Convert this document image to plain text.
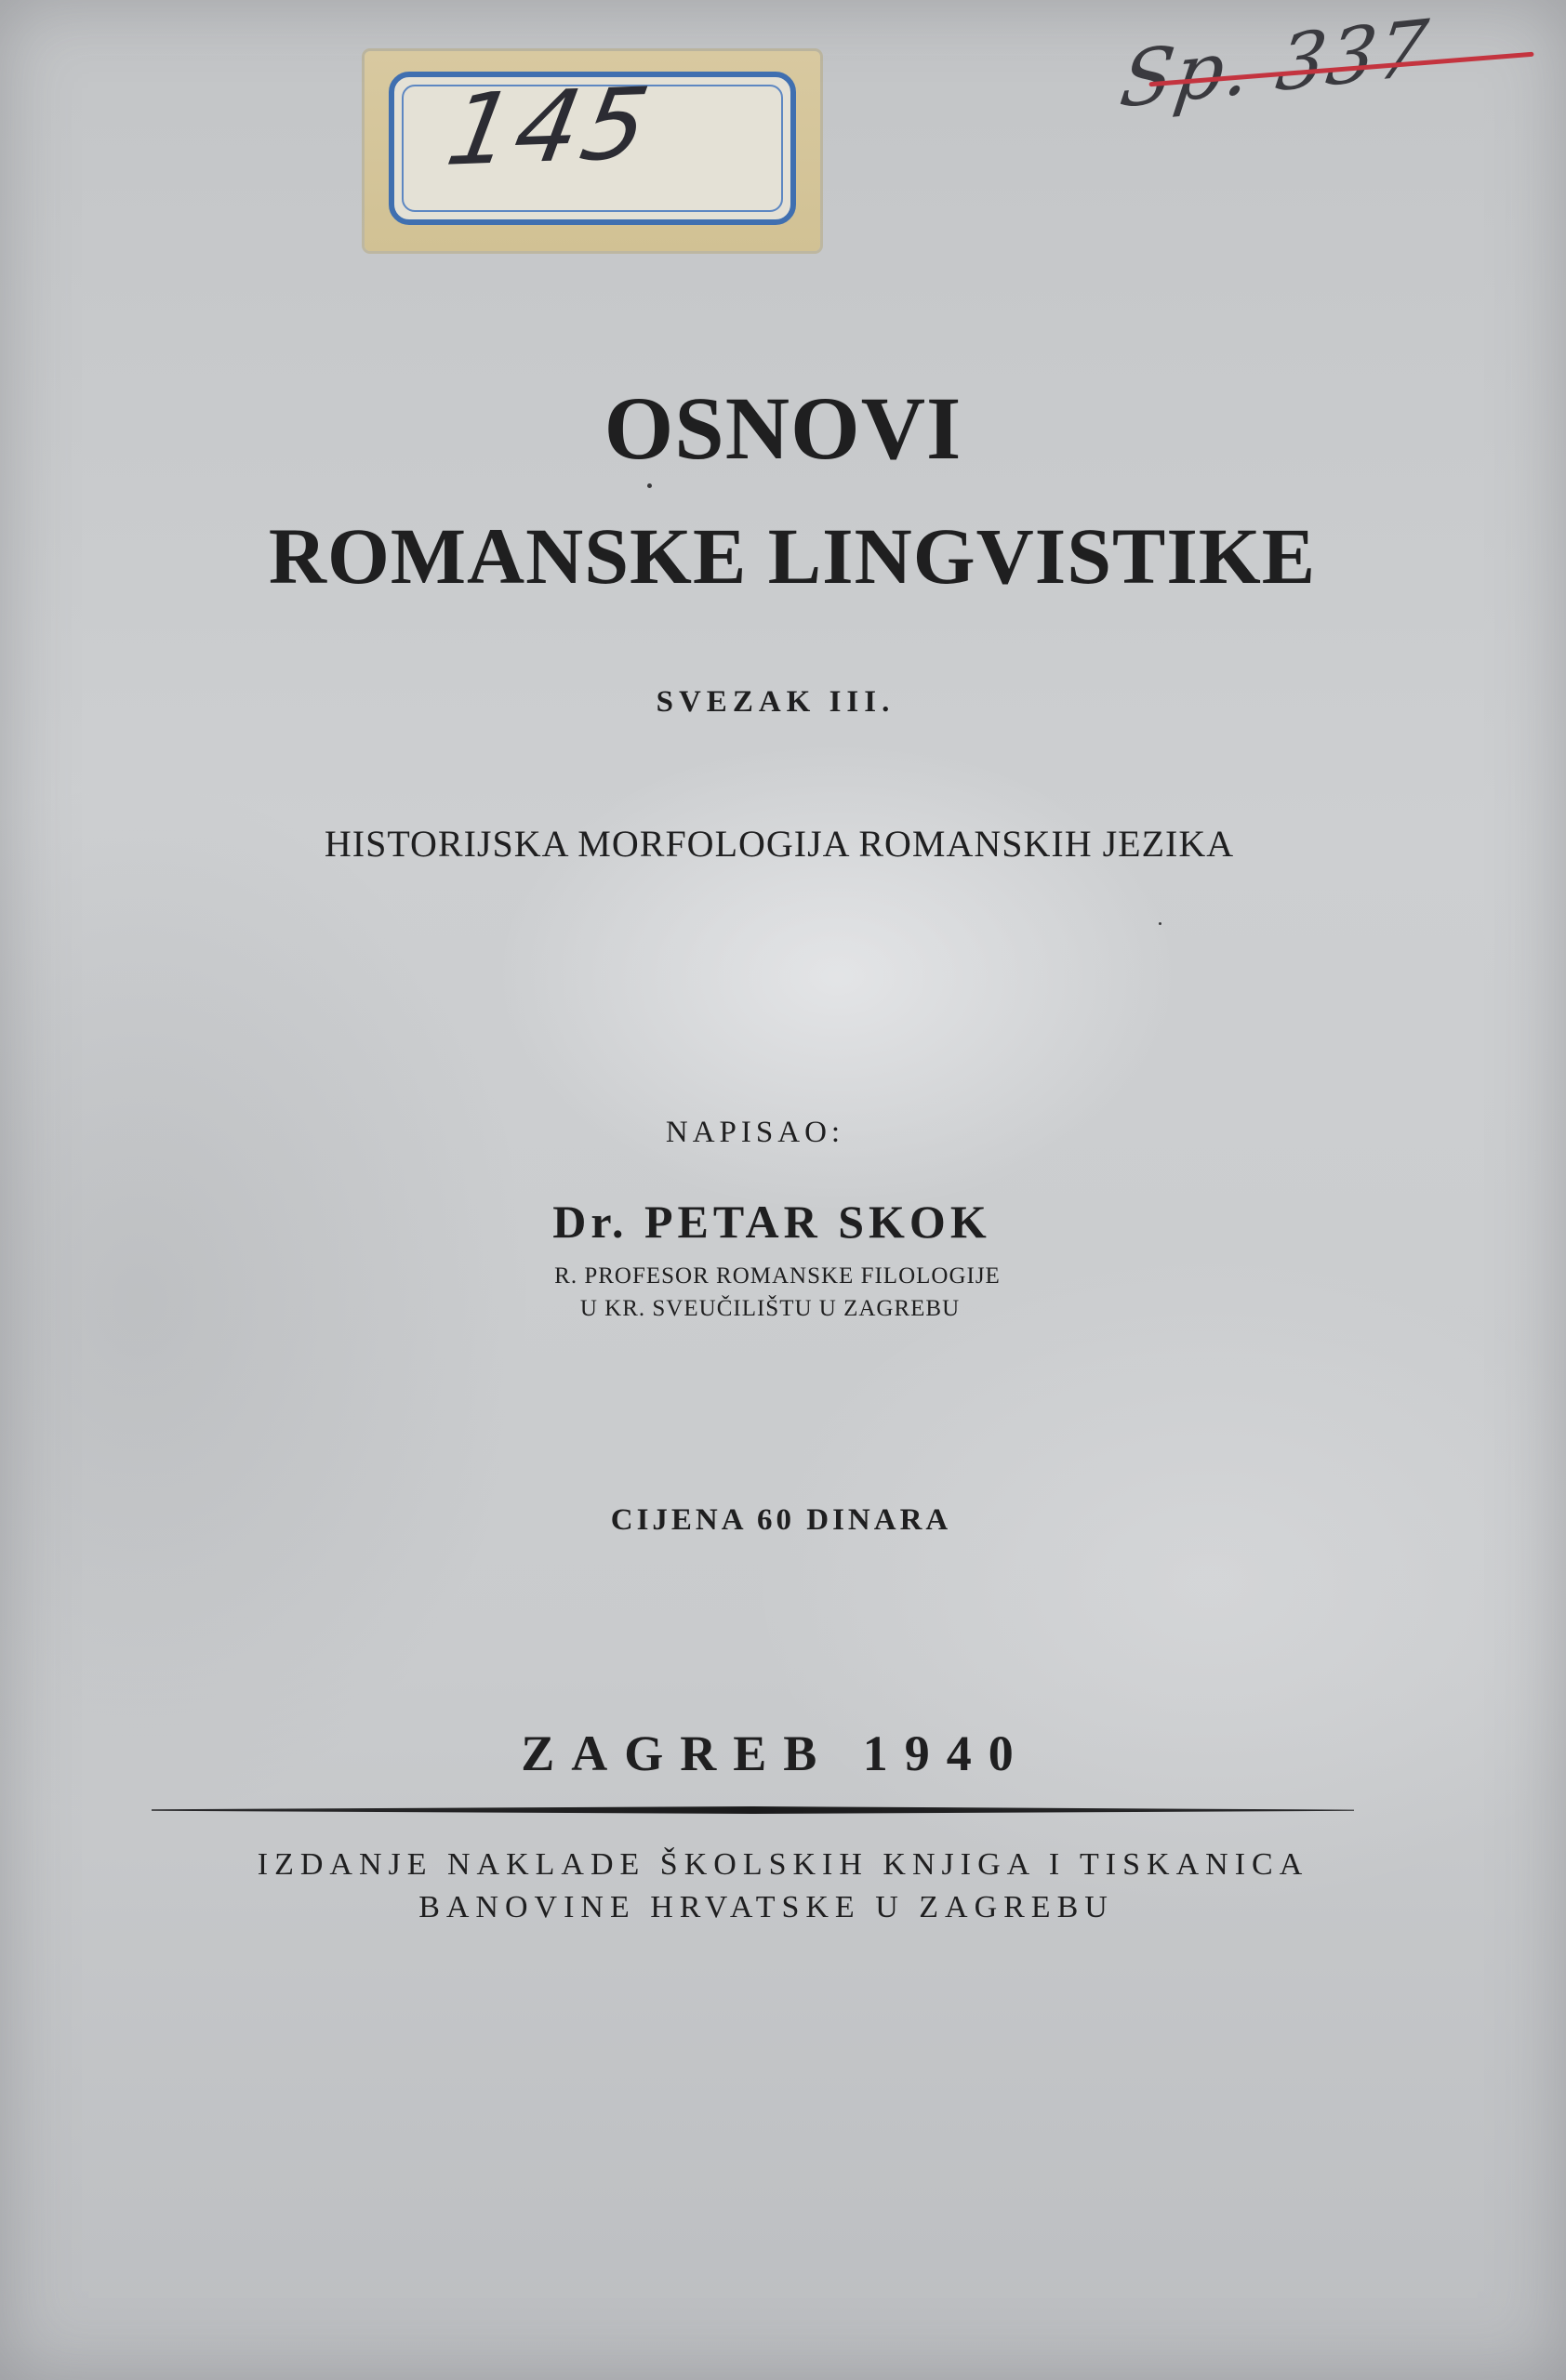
145
Sp. 337
OSNOVI
ROMANSKE LINGVISTIKE
SVEZAK III.
HISTORIJSKA MORFOLOGIJA ROMANSKIH JEZIKA
NAPISAO:
Dr. PETAR SKOK
R. PROFESOR ROMANSKE FILOLOGIJE
U KR. SVEUČILIŠTU U ZAGREBU
CIJENA 60 DINARA
ZAGREB 1940
IZDANJE NAKLADE ŠKOLSKIH KNJIGA I TISKANICA
BANOVINE HRVATSKE U ZAGREBU
